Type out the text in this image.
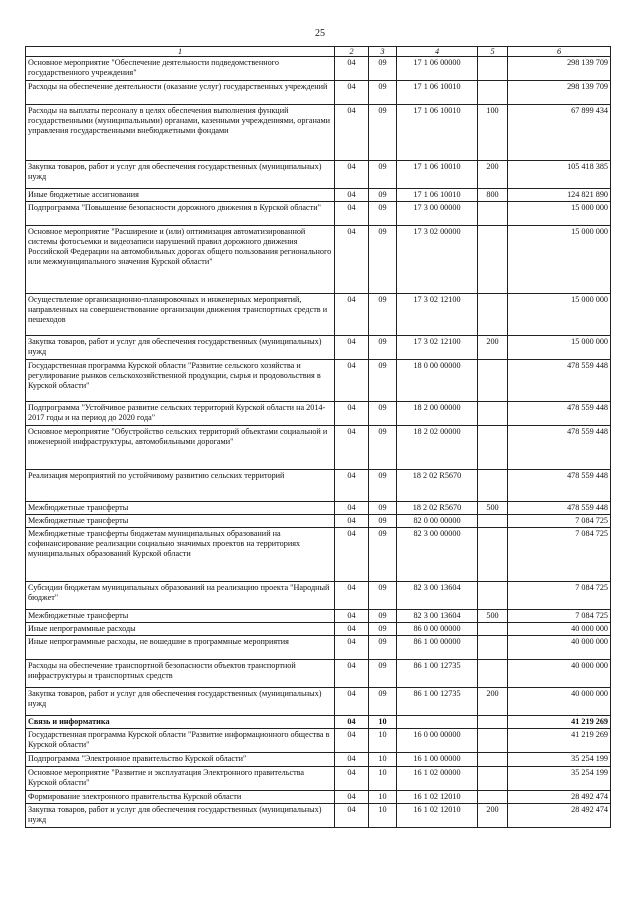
25
1	2	3	4	5	6
Основное мероприятие "Обеспечение деятельности подведомственного государственного учреждения"	04	09	17 1 06 00000		298 139 709
Расходы на обеспечение деятельности (оказание услуг) государственных учреждений	04	09	17 1 06 10010		298 139 709
Расходы на выплаты персоналу в целях обеспечения выполнения функций государственными (муниципальными) органами, казенными учреждениями, органами управления государственными внебюджетными фондами	04	09	17 1 06 10010	100	67 899 434
Закупка товаров, работ и услуг для обеспечения государственных (муниципальных) нужд	04	09	17 1 06 10010	200	105 418 385
Иные бюджетные ассигнования	04	09	17 1 06 10010	800	124 821 890
Подпрограмма "Повышение безопасности дорожного движения в Курской области"	04	09	17 3 00 00000		15 000 000
Основное мероприятие "Расширение и (или) оптимизация автоматизированной системы фотосъемки и видеозаписи нарушений правил дорожного движения Российской Федерации на автомобильных дорогах общего пользования регионального или межмуниципального значения Курской области"	04	09	17 3 02 00000		15 000 000
Осуществление организационно-планировочных и инженерных мероприятий, направленных на совершенствование организации движения транспортных средств и пешеходов	04	09	17 3 02 12100		15 000 000
Закупка товаров, работ и услуг для обеспечения государственных (муниципальных) нужд	04	09	17 3 02 12100	200	15 000 000
Государственная программа Курской области "Развитие сельского хозяйства и регулирование рынков сельскохозяйственной продукции, сырья и продовольствия в Курской области"	04	09	18 0 00 00000		478 559 448
Подпрограмма "Устойчивое развитие сельских территорий Курской области на 2014-2017 годы и на период до 2020 года"	04	09	18 2 00 00000		478 559 448
Основное мероприятие "Обустройство сельских территорий объектами социальной и инженерной инфраструктуры, автомобильными дорогами"	04	09	18 2 02 00000		478 559 448
Реализация мероприятий по устойчивому развитию сельских территорий	04	09	18 2 02 R5670		478 559 448
Межбюджетные трансферты	04	09	18 2 02 R5670	500	478 559 448
Межбюджетные трансферты	04	09	82 0 00 00000		7 084 725
Межбюджетные трансферты бюджетам муниципальных образований на софинансирование реализации социально значимых проектов на территориях муниципальных образований Курской области	04	09	82 3 00 00000		7 084 725
Субсидии бюджетам муниципальных образований на реализацию проекта "Народный бюджет"	04	09	82 3 00 13604		7 084 725
Межбюджетные трансферты	04	09	82 3 00 13604	500	7 084 725
Иные непрограммные расходы	04	09	86 0 00 00000		40 000 000
Иные непрограммные расходы, не вошедшие в программные мероприятия	04	09	86 1 00 00000		40 000 000
Расходы на обеспечение транспортной безопасности объектов транспортной инфраструктуры и транспортных средств	04	09	86 1 00 12735		40 000 000
Закупка товаров, работ и услуг для обеспечения государственных (муниципальных) нужд	04	09	86 1 00 12735	200	40 000 000
Связь и информатика	04	10			41 219 269
Государственная программа Курской области "Развитие информационного общества в Курской области"	04	10	16 0 00 00000		41 219 269
Подпрограмма "Электронное правительство Курской области"	04	10	16 1 00 00000		35 254 199
Основное мероприятие "Развитие и эксплуатация Электронного правительства Курской области"	04	10	16 1 02 00000		35 254 199
Формирование электронного правительства Курской области	04	10	16 1 02 12010		28 492 474
Закупка товаров, работ и услуг для обеспечения государственных (муниципальных) нужд	04	10	16 1 02 12010	200	28 492 474
